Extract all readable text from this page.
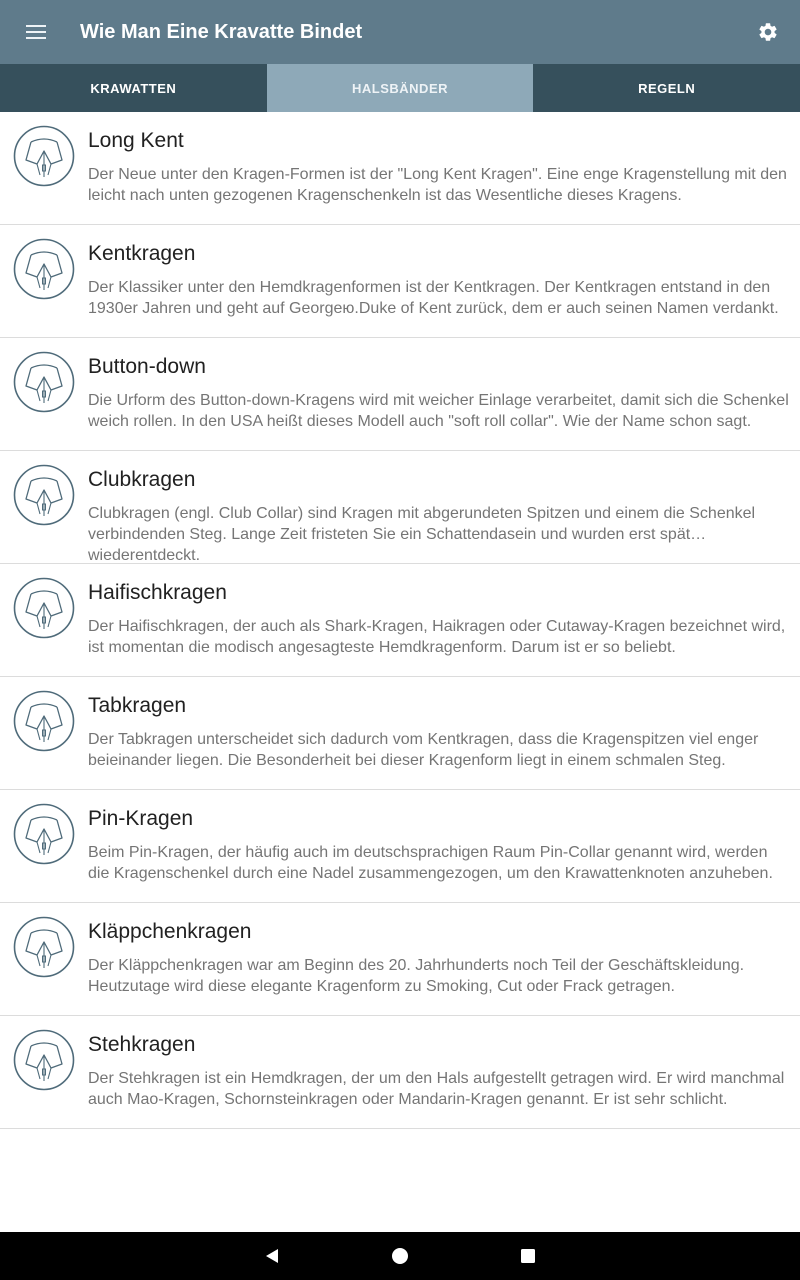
Wie Man Eine Kravatte Bindet
KRAWATTEN	HALSBÄNDER	REGELN
Long Kent
Der Neue unter den Kragen-Formen ist der "Long Kent Kragen". Eine enge Kragenstellung mit den leicht nach unten gezogenen Kragenschenkeln ist das Wesentliche dieses Kragens.
Kentkragen
Der Klassiker unter den Hemdkragenformen ist der Kentkragen. Der Kentkragen entstand in den 1930er Jahren und geht auf Georgeю.Duke of Kent zurück, dem er auch seinen Namen verdankt.
Button-down
Die Urform des Button-down-Kragens wird mit weicher Einlage verarbeitet, damit sich die Schenkel weich rollen. In den USA heißt dieses Modell auch "soft roll collar". Wie der Name schon sagt.
Clubkragen
Clubkragen (engl. Club Collar) sind Kragen mit abgerundeten Spitzen und einem die Schenkel verbindenden Steg. Lange Zeit fristeten Sie ein Schattendasein und wurden erst spät wiederentdeckt.
Haifischkragen
Der Haifischkragen, der auch als Shark-Kragen, Haikragen oder Cutaway-Kragen bezeichnet wird, ist momentan die modisch angesagteste Hemdkragenform. Darum ist er so beliebt.
Tabkragen
Der Tabkragen unterscheidet sich dadurch vom Kentkragen, dass die Kragenspitzen viel enger beieinander liegen. Die Besonderheit bei dieser Kragenform liegt in einem schmalen Steg.
Pin-Kragen
Beim Pin-Kragen, der häufig auch im deutschsprachigen Raum Pin-Collar genannt wird, werden die Kragenschenkel durch eine Nadel zusammengezogen, um den Krawattenknoten anzuheben.
Kläppchenkragen
Der Kläppchenkragen war am Beginn des 20. Jahrhunderts noch Teil der Geschäftskleidung. Heutzutage wird diese elegante Kragenform zu Smoking, Cut oder Frack getragen.
Stehkragen
Der Stehkragen ist ein Hemdkragen, der um den Hals aufgestellt getragen wird. Er wird manchmal auch Mao-Kragen, Schornsteinkragen oder Mandarin-Kragen genannt. Er ist sehr schlicht.
